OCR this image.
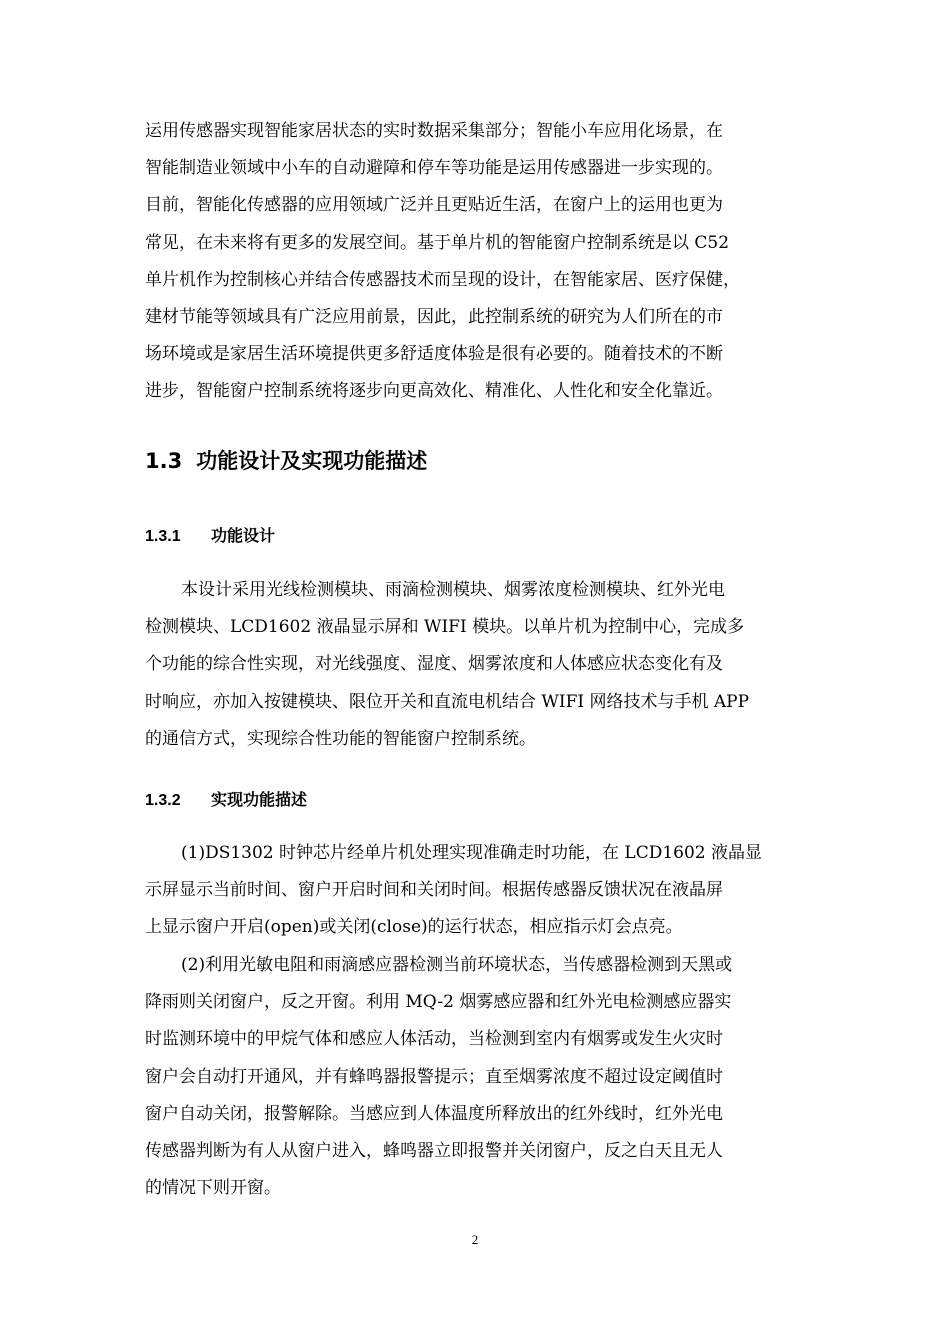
运用传感器实现智能家居状态的实时数据采集部分；智能小车应用化场景，在
智能制造业领域中小车的自动避障和停车等功能是运用传感器进一步实现的。
目前，智能化传感器的应用领域广泛并且更贴近生活，在窗户上的运用也更为
常见，在未来将有更多的发展空间。基于单片机的智能窗户控制系统是以 C52
单片机作为控制核心并结合传感器技术而呈现的设计，在智能家居、医疗保健，
建材节能等领域具有广泛应用前景，因此，此控制系统的研究为人们所在的市
场环境或是家居生活环境提供更多舒适度体验是很有必要的。随着技术的不断
进步，智能窗户控制系统将逐步向更高效化、精准化、人性化和安全化靠近。
1.3 功能设计及实现功能描述
1.3.1 功能设计
本设计采用光线检测模块、雨滴检测模块、烟雾浓度检测模块、红外光电
检测模块、LCD1602 液晶显示屏和 WIFI 模块。以单片机为控制中心，完成多
个功能的综合性实现，对光线强度、湿度、烟雾浓度和人体感应状态变化有及
时响应，亦加入按键模块、限位开关和直流电机结合 WIFI 网络技术与手机 APP
的通信方式，实现综合性功能的智能窗户控制系统。
1.3.2 实现功能描述
(1)DS1302 时钟芯片经单片机处理实现准确走时功能，在 LCD1602 液晶显
示屏显示当前时间、窗户开启时间和关闭时间。根据传感器反馈状况在液晶屏
上显示窗户开启(open)或关闭(close)的运行状态，相应指示灯会点亮。
(2)利用光敏电阻和雨滴感应器检测当前环境状态，当传感器检测到天黑或
降雨则关闭窗户，反之开窗。利用 MQ-2 烟雾感应器和红外光电检测感应器实
时监测环境中的甲烷气体和感应人体活动，当检测到室内有烟雾或发生火灾时
窗户会自动打开通风，并有蜂鸣器报警提示；直至烟雾浓度不超过设定阈值时
窗户自动关闭，报警解除。当感应到人体温度所释放出的红外线时，红外光电
传感器判断为有人从窗户进入，蜂鸣器立即报警并关闭窗户，反之白天且无人
的情况下则开窗。
2
